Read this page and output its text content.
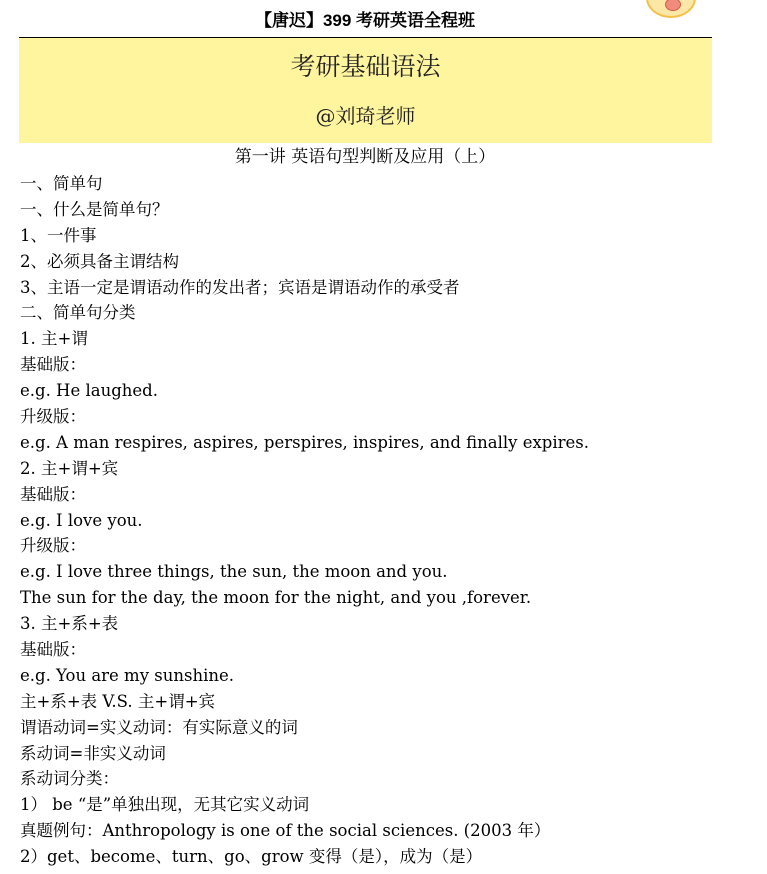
【唐迟】399 考研英语全程班
考研基础语法
@刘琦老师
第一讲 英语句型判断及应用（上）
一、简单句
一、什么是简单句？
1、一件事
2、必须具备主谓结构
3、主语一定是谓语动作的发出者；宾语是谓语动作的承受者
二、简单句分类
1. 主+谓
基础版：
e.g. He laughed.
升级版：
e.g. A man respires, aspires, perspires, inspires, and finally expires.
2. 主+谓+宾
基础版：
e.g. I love you.
升级版：
e.g. I love three things, the sun, the moon and you.
The sun for the day, the moon for the night, and you ,forever.
3. 主+系+表
基础版：
e.g. You are my sunshine.
主+系+表 V.S. 主+谓+宾
谓语动词=实义动词：有实际意义的词
系动词=非实义动词
系动词分类：
1） be “是”单独出现，无其它实义动词
真题例句：Anthropology is one of the social sciences. (2003 年）
2）get、become、turn、go、grow 变得（是），成为（是）
